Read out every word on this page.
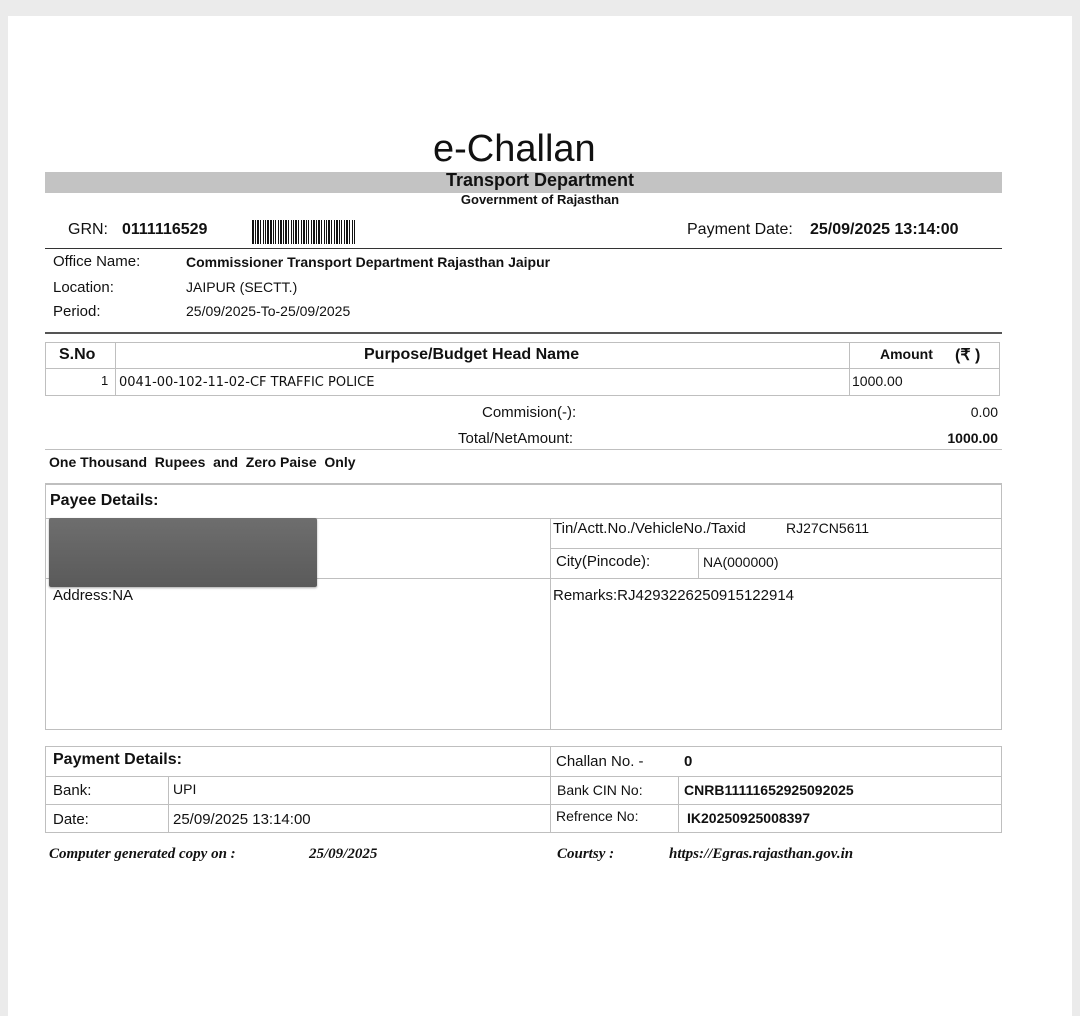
e-Challan
Transport Department
Government of Rajasthan
GRN: 0111116529	Payment Date: 25/09/2025 13:14:00
Office Name:	Commissioner Transport Department Rajasthan Jaipur
Location:	JAIPUR (SECTT.)
Period:	25/09/2025-To-25/09/2025
S.No	Purpose/Budget Head Name	Amount (₹ )
1 0041-00-102-11-02-CF TRAFFIC POLICE	1000.00
Commision(-):	0.00
Total/NetAmount:	1000.00
One Thousand  Rupees  and  Zero Paise  Only
Payee Details:
Tin/Actt.No./VehicleNo./Taxid	RJ27CN5611
City(Pincode):	NA(000000)
Address:NA	Remarks:RJ4293226250915122914
Payment Details:	Challan No. -	0
Bank:	UPI	Bank CIN No:	CNRB11111652925092025
Date:	25/09/2025 13:14:00	Refrence No:	IK20250925008397
Computer generated copy on :	25/09/2025	Courtsy :	https://Egras.rajasthan.gov.in
